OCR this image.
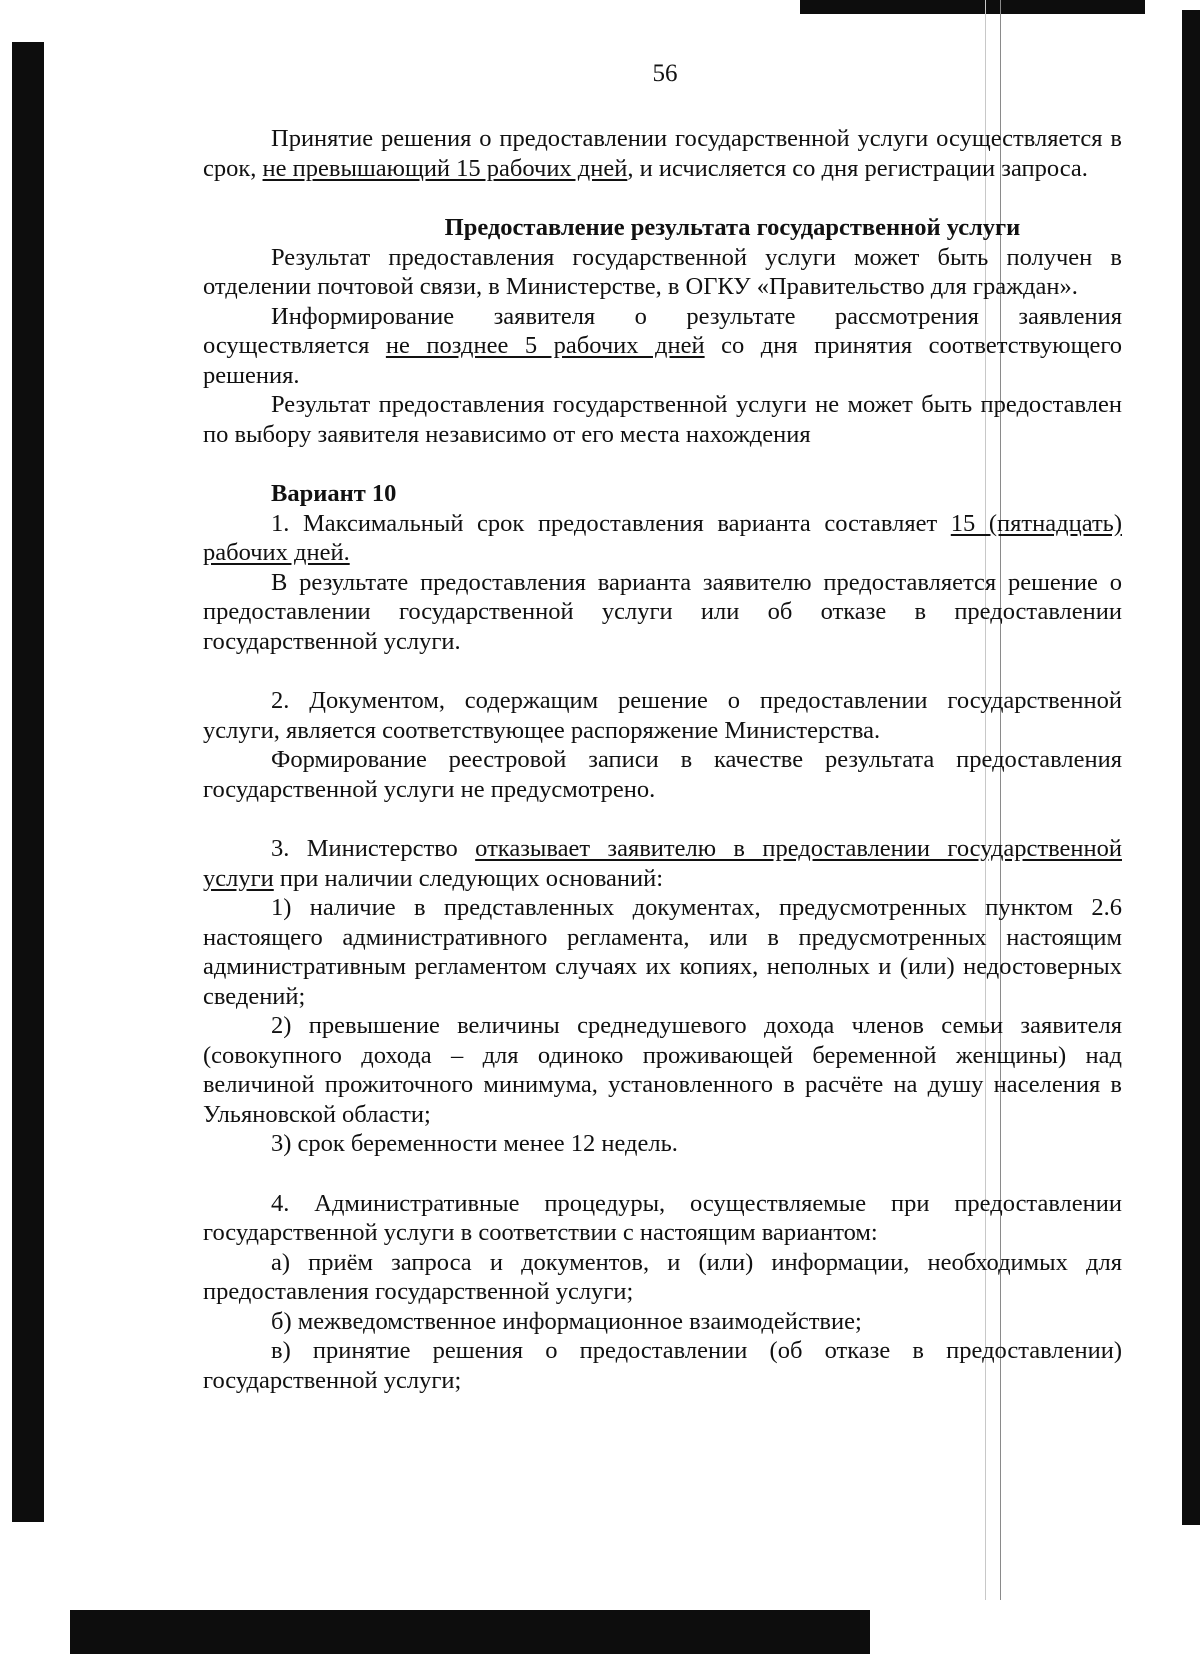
56

Принятие решения о предоставлении государственной услуги осуществляется в срок, не превышающий 15 рабочих дней, и исчисляется со дня регистрации запроса.

Предоставление результата государственной услуги

Результат предоставления государственной услуги может быть получен в отделении почтовой связи, в Министерстве, в ОГКУ «Правительство для граждан».

Информирование заявителя о результате рассмотрения заявления осуществляется не позднее 5 рабочих дней со дня принятия соответствующего решения.

Результат предоставления государственной услуги не может быть предоставлен по выбору заявителя независимо от его места нахождения

Вариант 10

1. Максимальный срок предоставления варианта составляет 15 (пятнадцать) рабочих дней.

В результате предоставления варианта заявителю предоставляется решение о предоставлении государственной услуги или об отказе в предоставлении государственной услуги.

2. Документом, содержащим решение о предоставлении государственной услуги, является соответствующее распоряжение Министерства.

Формирование реестровой записи в качестве результата предоставления государственной услуги не предусмотрено.

3. Министерство отказывает заявителю в предоставлении государственной услуги при наличии следующих оснований:

1) наличие в представленных документах, предусмотренных пунктом 2.6 настоящего административного регламента, или в предусмотренных настоящим административным регламентом случаях их копиях, неполных и (или) недостоверных сведений;

2) превышение величины среднедушевого дохода членов семьи заявителя (совокупного дохода – для одиноко проживающей беременной женщины) над величиной прожиточного минимума, установленного в расчёте на душу населения в Ульяновской области;

3) срок беременности менее 12 недель.

4. Административные процедуры, осуществляемые при предоставлении государственной услуги в соответствии с настоящим вариантом:

а) приём запроса и документов, и (или) информации, необходимых для предоставления государственной услуги;

б) межведомственное информационное взаимодействие;

в) принятие решения о предоставлении (об отказе в предоставлении) государственной услуги;
